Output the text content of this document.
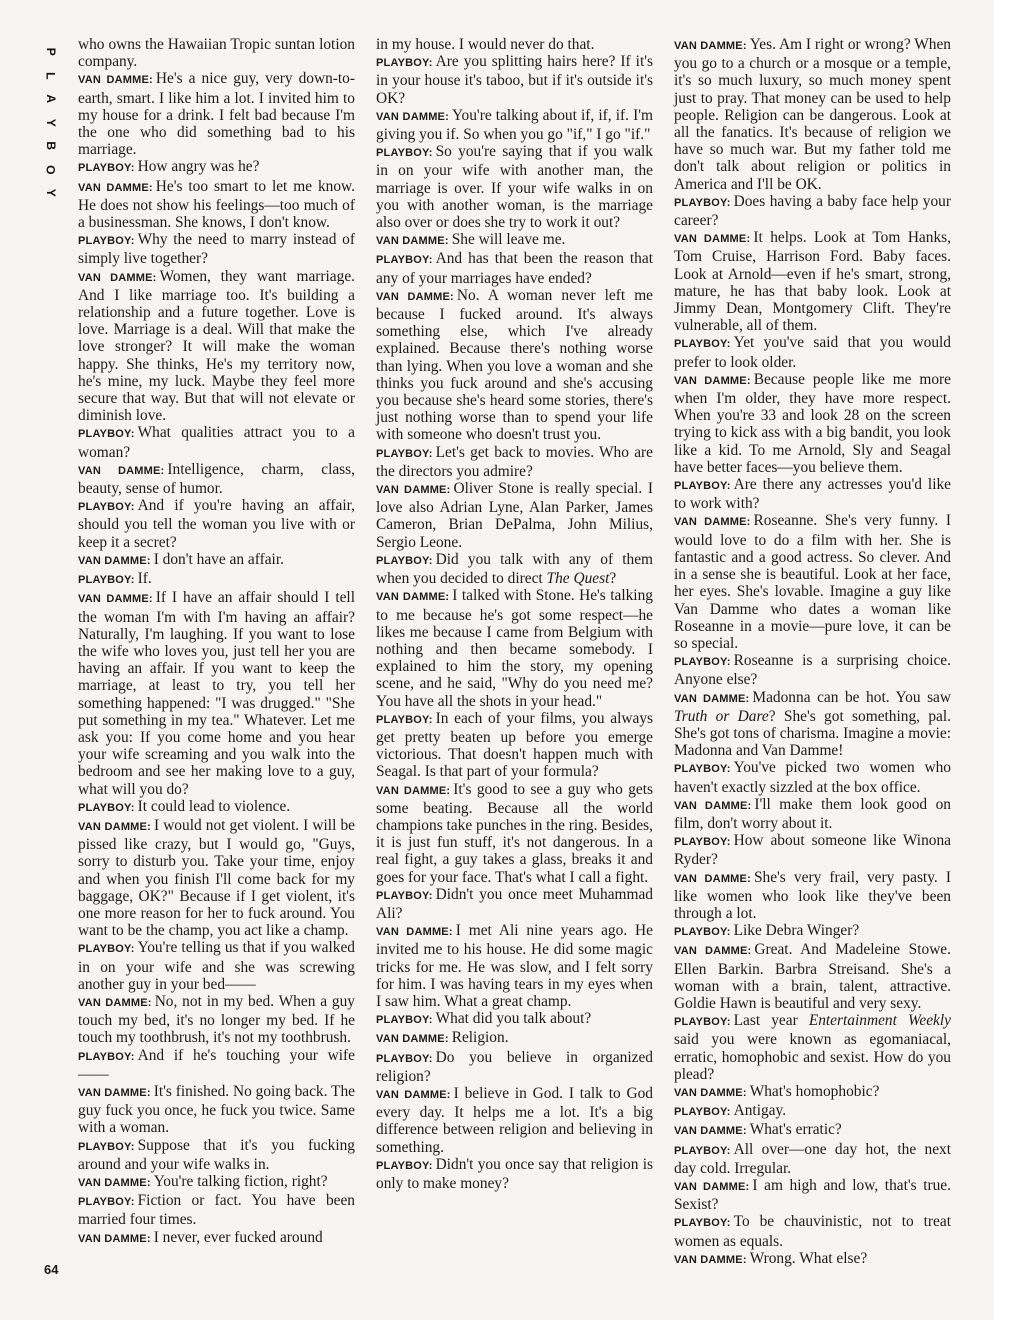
P
L
A
Y
B
O
Y

who owns the Hawaiian Tropic suntan lotion company.

VAN DAMME: He's a nice guy, very down-to-earth, smart. I like him a lot. I invited him to my house for a drink. I felt bad because I'm the one who did something bad to his marriage.

PLAYBOY: How angry was he?

VAN DAMME: He's too smart to let me know. He does not show his feelings—too much of a businessman. She knows, I don't know.

PLAYBOY: Why the need to marry instead of simply live together?

VAN DAMME: Women, they want marriage. And I like marriage too. It's building a relationship and a future together. Love is love. Marriage is a deal. Will that make the love stronger? It will make the woman happy. She thinks, He's my territory now, he's mine, my luck. Maybe they feel more secure that way. But that will not elevate or diminish love.

PLAYBOY: What qualities attract you to a woman?

VAN DAMME: Intelligence, charm, class, beauty, sense of humor.

PLAYBOY: And if you're having an affair, should you tell the woman you live with or keep it a secret?

VAN DAMME: I don't have an affair.

PLAYBOY: If.

VAN DAMME: If I have an affair should I tell the woman I'm with I'm having an affair? Naturally, I'm laughing. If you want to lose the wife who loves you, just tell her you are having an affair. If you want to keep the marriage, at least to try, you tell her something happened: "I was drugged." "She put something in my tea." Whatever. Let me ask you: If you come home and you hear your wife screaming and you walk into the bedroom and see her making love to a guy, what will you do?

PLAYBOY: It could lead to violence.

VAN DAMME: I would not get violent. I will be pissed like crazy, but I would go, "Guys, sorry to disturb you. Take your time, enjoy and when you finish I'll come back for my baggage, OK?" Because if I get violent, it's one more reason for her to fuck around. You want to be the champ, you act like a champ.

PLAYBOY: You're telling us that if you walked in on your wife and she was screwing another guy in your bed——

VAN DAMME: No, not in my bed. When a guy touch my bed, it's no longer my bed. If he touch my toothbrush, it's not my toothbrush.

PLAYBOY: And if he's touching your wife——

VAN DAMME: It's finished. No going back. The guy fuck you once, he fuck you twice. Same with a woman.

PLAYBOY: Suppose that it's you fucking around and your wife walks in.

VAN DAMME: You're talking fiction, right?

PLAYBOY: Fiction or fact. You have been married four times.

VAN DAMME: I never, ever fucked around

in my house. I would never do that.

PLAYBOY: Are you splitting hairs here? If it's in your house it's taboo, but if it's outside it's OK?

VAN DAMME: You're talking about if, if, if. I'm giving you if. So when you go "if," I go "if."

PLAYBOY: So you're saying that if you walk in on your wife with another man, the marriage is over. If your wife walks in on you with another woman, is the marriage also over or does she try to work it out?

VAN DAMME: She will leave me.

PLAYBOY: And has that been the reason that any of your marriages have ended?

VAN DAMME: No. A woman never left me because I fucked around. It's always something else, which I've already explained. Because there's nothing worse than lying. When you love a woman and she thinks you fuck around and she's accusing you because she's heard some stories, there's just nothing worse than to spend your life with someone who doesn't trust you.

PLAYBOY: Let's get back to movies. Who are the directors you admire?

VAN DAMME: Oliver Stone is really special. I love also Adrian Lyne, Alan Parker, James Cameron, Brian DePalma, John Milius, Sergio Leone.

PLAYBOY: Did you talk with any of them when you decided to direct The Quest?

VAN DAMME: I talked with Stone. He's talking to me because he's got some respect—he likes me because I came from Belgium with nothing and then became somebody. I explained to him the story, my opening scene, and he said, "Why do you need me? You have all the shots in your head."

PLAYBOY: In each of your films, you always get pretty beaten up before you emerge victorious. That doesn't happen much with Seagal. Is that part of your formula?

VAN DAMME: It's good to see a guy who gets some beating. Because all the world champions take punches in the ring. Besides, it is just fun stuff, it's not dangerous. In a real fight, a guy takes a glass, breaks it and goes for your face. That's what I call a fight.

PLAYBOY: Didn't you once meet Muhammad Ali?

VAN DAMME: I met Ali nine years ago. He invited me to his house. He did some magic tricks for me. He was slow, and I felt sorry for him. I was having tears in my eyes when I saw him. What a great champ.

PLAYBOY: What did you talk about?

VAN DAMME: Religion.

PLAYBOY: Do you believe in organized religion?

VAN DAMME: I believe in God. I talk to God every day. It helps me a lot. It's a big difference between religion and believing in something.

PLAYBOY: Didn't you once say that religion is only to make money?

VAN DAMME: Yes. Am I right or wrong? When you go to a church or a mosque or a temple, it's so much luxury, so much money spent just to pray. That money can be used to help people. Religion can be dangerous. Look at all the fanatics. It's because of religion we have so much war. But my father told me don't talk about religion or politics in America and I'll be OK.

PLAYBOY: Does having a baby face help your career?

VAN DAMME: It helps. Look at Tom Hanks, Tom Cruise, Harrison Ford. Baby faces. Look at Arnold—even if he's smart, strong, mature, he has that baby look. Look at Jimmy Dean, Montgomery Clift. They're vulnerable, all of them.

PLAYBOY: Yet you've said that you would prefer to look older.

VAN DAMME: Because people like me more when I'm older, they have more respect. When you're 33 and look 28 on the screen trying to kick ass with a big bandit, you look like a kid. To me Arnold, Sly and Seagal have better faces—you believe them.

PLAYBOY: Are there any actresses you'd like to work with?

VAN DAMME: Roseanne. She's very funny. I would love to do a film with her. She is fantastic and a good actress. So clever. And in a sense she is beautiful. Look at her face, her eyes. She's lovable. Imagine a guy like Van Damme who dates a woman like Roseanne in a movie—pure love, it can be so special.

PLAYBOY: Roseanne is a surprising choice. Anyone else?

VAN DAMME: Madonna can be hot. You saw Truth or Dare? She's got something, pal. She's got tons of charisma. Imagine a movie: Madonna and Van Damme!

PLAYBOY: You've picked two women who haven't exactly sizzled at the box office.

VAN DAMME: I'll make them look good on film, don't worry about it.

PLAYBOY: How about someone like Winona Ryder?

VAN DAMME: She's very frail, very pasty. I like women who look like they've been through a lot.

PLAYBOY: Like Debra Winger?

VAN DAMME: Great. And Madeleine Stowe. Ellen Barkin. Barbra Streisand. She's a woman with a brain, talent, attractive. Goldie Hawn is beautiful and very sexy.

PLAYBOY: Last year Entertainment Weekly said you were known as egomaniacal, erratic, homophobic and sexist. How do you plead?

VAN DAMME: What's homophobic?

PLAYBOY: Antigay.

VAN DAMME: What's erratic?

PLAYBOY: All over—one day hot, the next day cold. Irregular.

VAN DAMME: I am high and low, that's true. Sexist?

PLAYBOY: To be chauvinistic, not to treat women as equals.

VAN DAMME: Wrong. What else?

64
